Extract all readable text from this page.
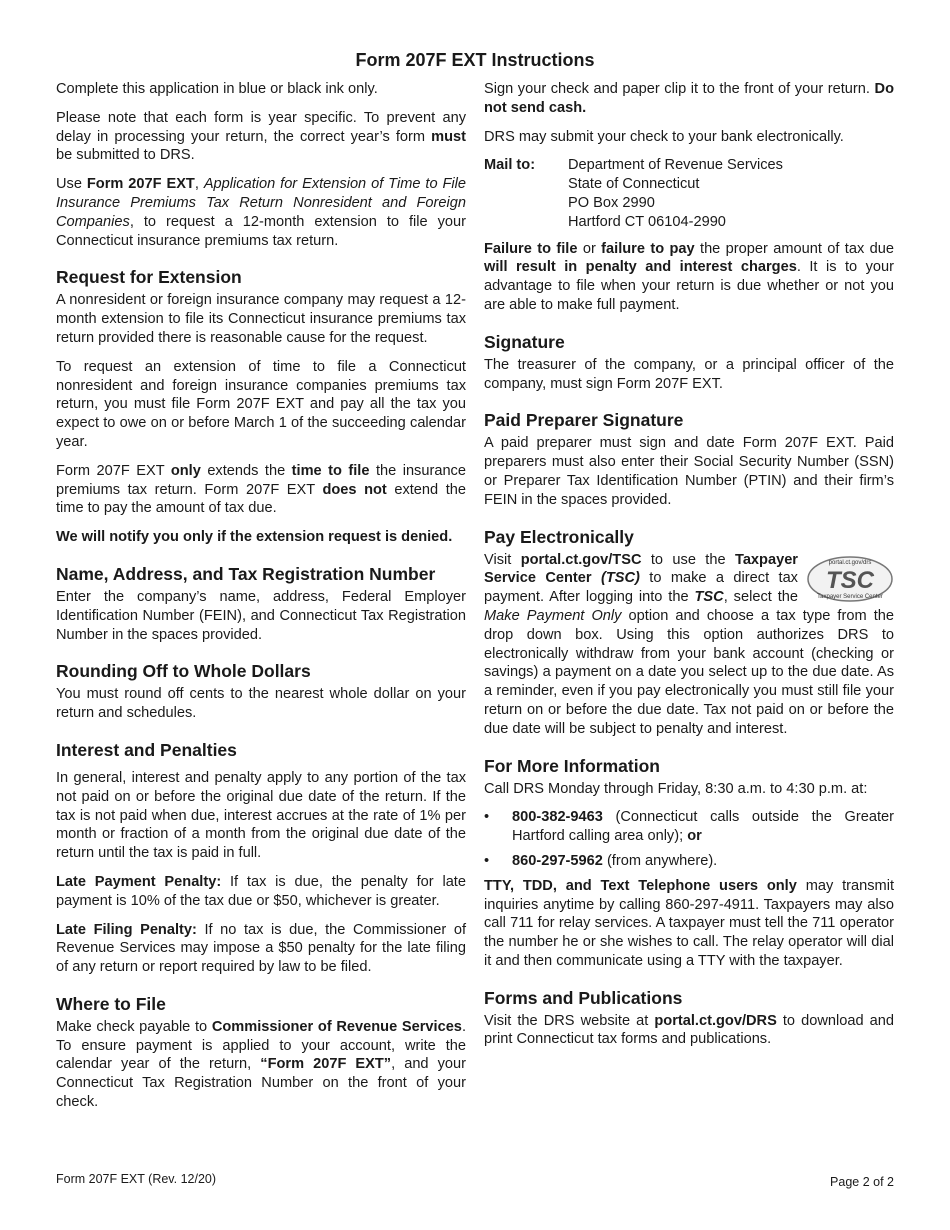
Form 207F EXT Instructions

Complete this application in blue or black ink only.

Please note that each form is year specific. To prevent any delay in processing your return, the correct year’s form must be submitted to DRS.

Use Form 207F EXT, Application for Extension of Time to File Insurance Premiums Tax Return Nonresident and Foreign Companies, to request a 12-month extension to file your Connecticut insurance premiums tax return.

Request for Extension

A nonresident or foreign insurance company may request a 12-month extension to file its Connecticut insurance premiums tax return provided there is reasonable cause for the request.

To request an extension of time to file a Connecticut nonresident and foreign insurance companies premiums tax return, you must file Form 207F EXT and pay all the tax you expect to owe on or before March 1 of the succeeding calendar year.

Form 207F EXT only extends the time to file the insurance premiums tax return. Form 207F EXT does not extend the time to pay the amount of tax due.

We will notify you only if the extension request is denied.

Name, Address, and Tax Registration Number

Enter the company’s name, address, Federal Employer Identification Number (FEIN), and Connecticut Tax Registration Number in the spaces provided.

Rounding Off to Whole Dollars

You must round off cents to the nearest whole dollar on your return and schedules.

Interest and Penalties

In general, interest and penalty apply to any portion of the tax not paid on or before the original due date of the return. If the tax is not paid when due, interest accrues at the rate of 1% per month or fraction of a month from the original due date of the return until the tax is paid in full.

Late Payment Penalty: If tax is due, the penalty for late payment is 10% of the tax due or $50, whichever is greater.

Late Filing Penalty: If no tax is due, the Commissioner of Revenue Services may impose a $50 penalty for the late filing of any return or report required by law to be filed.

Where to File

Make check payable to Commissioner of Revenue Services. To ensure payment is applied to your account, write the calendar year of the return, “Form 207F EXT”, and your Connecticut Tax Registration Number on the front of your check.

Sign your check and paper clip it to the front of your return. Do not send cash.

DRS may submit your check to your bank electronically.

Mail to:	Department of Revenue Services
State of Connecticut
PO Box 2990
Hartford CT 06104-2990

Failure to file or failure to pay the proper amount of tax due will result in penalty and interest charges. It is to your advantage to file when your return is due whether or not you are able to make full payment.

Signature

The treasurer of the company, or a principal officer of the company, must sign Form 207F EXT.

Paid Preparer Signature

A paid preparer must sign and date Form 207F EXT. Paid preparers must also enter their Social Security Number (SSN) or Preparer Tax Identification Number (PTIN) and their firm’s FEIN in the spaces provided.

Pay Electronically

portal.ct.gov/drs
TSC
Taxpayer Service Center
Visit portal.ct.gov/TSC to use the Taxpayer Service Center (TSC) to make a direct tax payment. After logging into the TSC, select the Make Payment Only option and choose a tax type from the drop down box. Using this option authorizes DRS to electronically withdraw from your bank account (checking or savings) a payment on a date you select up to the due date. As a reminder, even if you pay electronically you must still file your return on or before the due date. Tax not paid on or before the due date will be subject to penalty and interest.

For More Information

Call DRS Monday through Friday, 8:30 a.m. to 4:30 p.m. at:

•	800-382-9463 (Connecticut calls outside the Greater Hartford calling area only); or
•	860-297-5962 (from anywhere).

TTY, TDD, and Text Telephone users only may transmit inquiries anytime by calling 860-297-4911. Taxpayers may also call 711 for relay services. A taxpayer must tell the 711 operator the number he or she wishes to call. The relay operator will dial it and then communicate using a TTY with the taxpayer.

Forms and Publications

Visit the DRS website at portal.ct.gov/DRS to download and print Connecticut tax forms and publications.

Form 207F EXT (Rev. 12/20)	Page 2 of 2
